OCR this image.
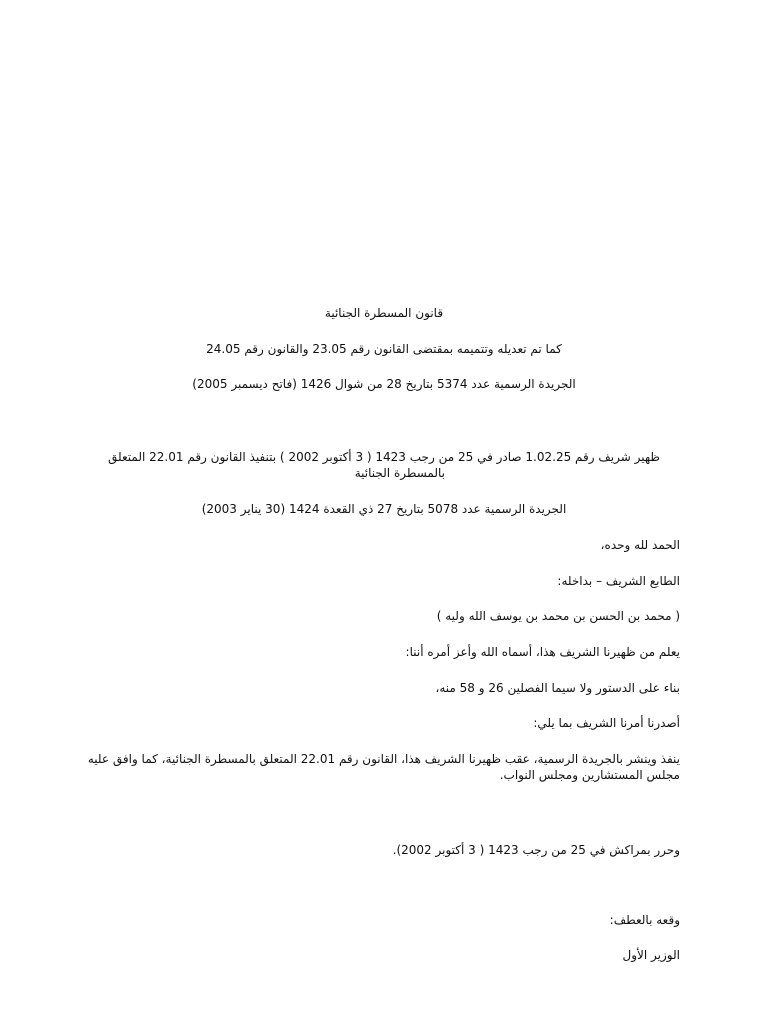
قانون المسطرة الجنائية
كما تم تعديله وتتميمه بمقتضى القانون رقم 23.05 والقانون رقم 24.05
الجريدة الرسمية عدد 5374 بتاريخ 28 من شوال 1426 (فاتح ديسمبر 2005)
ظهير شريف رقم 1.02.25 صادر في 25 من رجب 1423 ( 3 أكتوبر 2002 ) بتنفيذ القانون رقم 22.01 المتعلق
بالمسطرة الجنائية
الجريدة الرسمية عدد 5078 بتاريخ 27 ذي القعدة 1424 (30 يناير 2003)
الحمد لله وحده،
الطابع الشريف – بداخله:
( محمد بن الحسن بن محمد بن يوسف الله وليه )
يعلم من ظهيرنا الشريف هذا، أسماه الله وأعز أمره أننا:
بناء على الدستور ولا سيما الفصلين 26 و 58 منه،
أصدرنا أمرنا الشريف بما يلي:
ينفذ وينشر بالجريدة الرسمية، عقب ظهيرنا الشريف هذا، القانون رقم 22.01 المتعلق بالمسطرة الجنائية، كما وافق عليه
مجلس المستشارين ومجلس النواب.
وحرر بمراكش في 25 من رجب 1423 ( 3 أكتوبر 2002).
وقعه بالعطف:
الوزير الأول
